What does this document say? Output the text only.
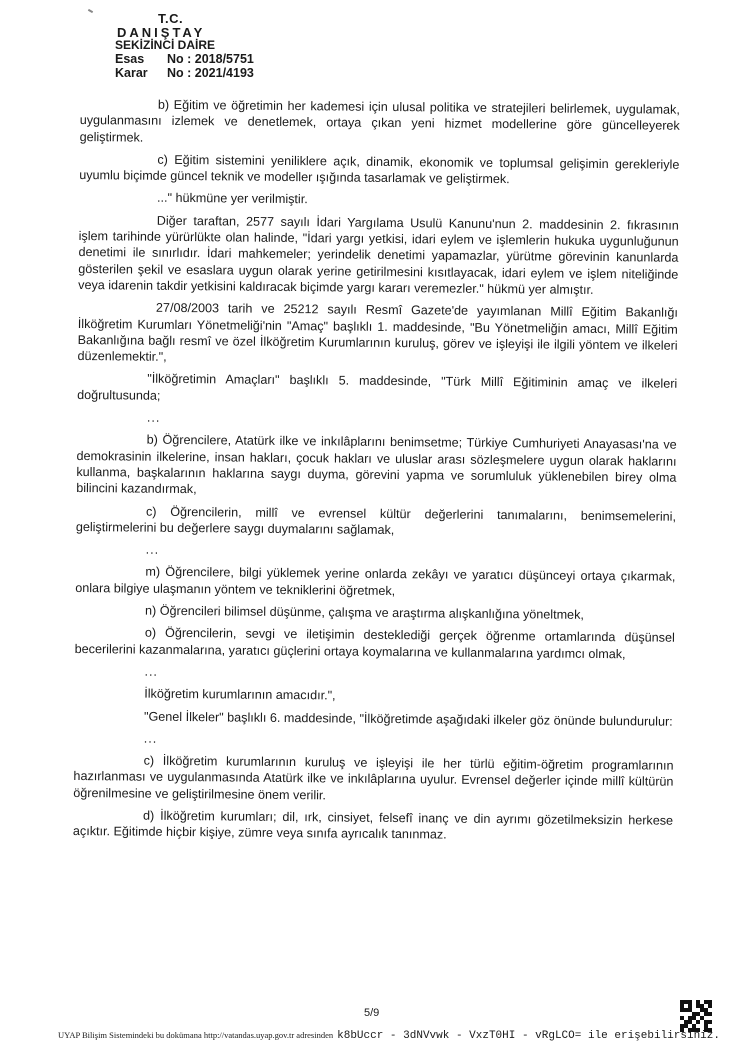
T.C.
DANIŞTAY
SEKİZİNCİ DAİRE
Esas No : 2018/5751
Karar No : 2021/4193

b) Eğitim ve öğretimin her kademesi için ulusal politika ve stratejileri belirlemek, uygulamak, uygulanmasını izlemek ve denetlemek, ortaya çıkan yeni hizmet modellerine göre güncelleyerek geliştirmek.

c) Eğitim sistemini yeniliklere açık, dinamik, ekonomik ve toplumsal gelişimin gerekleriyle uyumlu biçimde güncel teknik ve modeller ışığında tasarlamak ve geliştirmek.

..." hükmüne yer verilmiştir.

Diğer taraftan, 2577 sayılı İdari Yargılama Usulü Kanunu'nun 2. maddesinin 2. fıkrasının işlem tarihinde yürürlükte olan halinde, "İdari yargı yetkisi, idari eylem ve işlemlerin hukuka uygunluğunun denetimi ile sınırlıdır. İdari mahkemeler; yerindelik denetimi yapamazlar, yürütme görevinin kanunlarda gösterilen şekil ve esaslara uygun olarak yerine getirilmesini kısıtlayacak, idari eylem ve işlem niteliğinde veya idarenin takdir yetkisini kaldıracak biçimde yargı kararı veremezler." hükmü yer almıştır.

27/08/2003 tarih ve 25212 sayılı Resmî Gazete'de yayımlanan Millî Eğitim Bakanlığı İlköğretim Kurumları Yönetmeliği'nin "Amaç" başlıklı 1. maddesinde, "Bu Yönetmeliğin amacı, Millî Eğitim Bakanlığına bağlı resmî ve özel İlköğretim Kurumlarının kuruluş, görev ve işleyişi ile ilgili yöntem ve ilkeleri düzenlemektir.",

"İlköğretimin Amaçları" başlıklı 5. maddesinde, "Türk Millî Eğitiminin amaç ve ilkeleri doğrultusunda;

...

b) Öğrencilere, Atatürk ilke ve inkılâplarını benimsetme; Türkiye Cumhuriyeti Anayasası'na ve demokrasinin ilkelerine, insan hakları, çocuk hakları ve uluslar arası sözleşmelere uygun olarak haklarını kullanma, başkalarının haklarına saygı duyma, görevini yapma ve sorumluluk yüklenebilen birey olma bilincini kazandırmak,

c) Öğrencilerin, millî ve evrensel kültür değerlerini tanımalarını, benimsemelerini, geliştirmelerini bu değerlere saygı duymalarını sağlamak,

...

m) Öğrencilere, bilgi yüklemek yerine onlarda zekâyı ve yaratıcı düşünceyi ortaya çıkarmak, onlara bilgiye ulaşmanın yöntem ve tekniklerini öğretmek,

n) Öğrencileri bilimsel düşünme, çalışma ve araştırma alışkanlığına yöneltmek,

o) Öğrencilerin, sevgi ve iletişimin desteklediği gerçek öğrenme ortamlarında düşünsel becerilerini kazanmalarına, yaratıcı güçlerini ortaya koymalarına ve kullanmalarına yardımcı olmak,

...

İlköğretim kurumlarının amacıdır.",

"Genel İlkeler" başlıklı 6. maddesinde, "İlköğretimde aşağıdaki ilkeler göz önünde bulundurulur:

...

c) İlköğretim kurumlarının kuruluş ve işleyişi ile her türlü eğitim-öğretim programlarının hazırlanması ve uygulanmasında Atatürk ilke ve inkılâplarına uyulur. Evrensel değerler içinde millî kültürün öğrenilmesine ve geliştirilmesine önem verilir.

d) İlköğretim kurumları; dil, ırk, cinsiyet, felsefî inanç ve din ayrımı gözetilmeksizin herkese açıktır. Eğitimde hiçbir kişiye, zümre veya sınıfa ayrıcalık tanınmaz.

5/9
UYAP Bilişim Sistemindeki bu dokümana http://vatandas.uyap.gov.tr adresinden k8bUccr - 3dNVvwk - VxzT0HI - vRgLCO= ile erişebilirsiniz.
